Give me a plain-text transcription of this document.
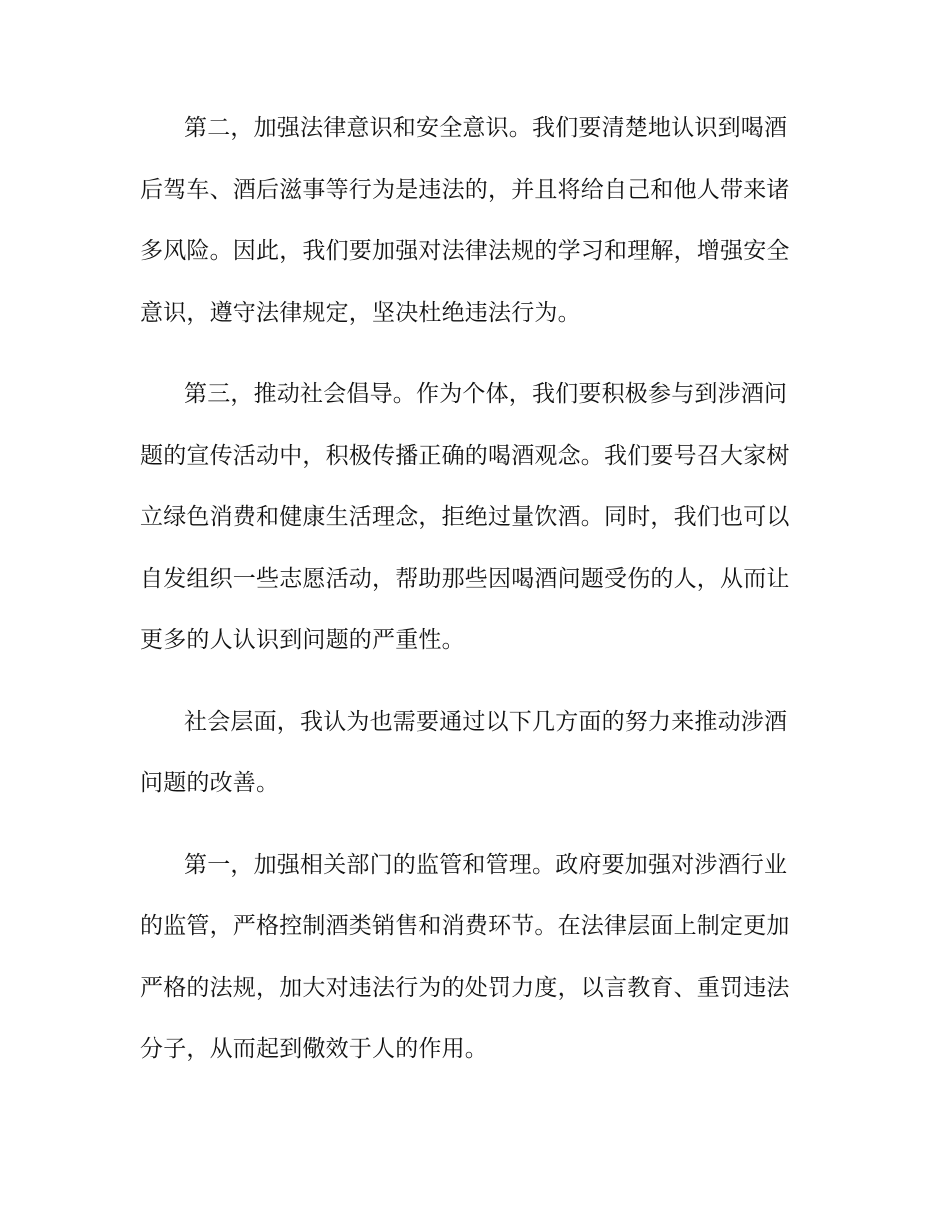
第二，加强法律意识和安全意识。我们要清楚地认识到喝酒
后驾车、酒后滋事等行为是违法的，并且将给自己和他人带来诸
多风险。因此，我们要加强对法律法规的学习和理解，增强安全
意识，遵守法律规定，坚决杜绝违法行为。

第三，推动社会倡导。作为个体，我们要积极参与到涉酒问
题的宣传活动中，积极传播正确的喝酒观念。我们要号召大家树
立绿色消费和健康生活理念，拒绝过量饮酒。同时，我们也可以
自发组织一些志愿活动，帮助那些因喝酒问题受伤的人，从而让
更多的人认识到问题的严重性。

社会层面，我认为也需要通过以下几方面的努力来推动涉酒
问题的改善。

第一，加强相关部门的监管和管理。政府要加强对涉酒行业
的监管，严格控制酒类销售和消费环节。在法律层面上制定更加
严格的法规，加大对违法行为的处罚力度，以言教育、重罚违法
分子，从而起到儆效于人的作用。
